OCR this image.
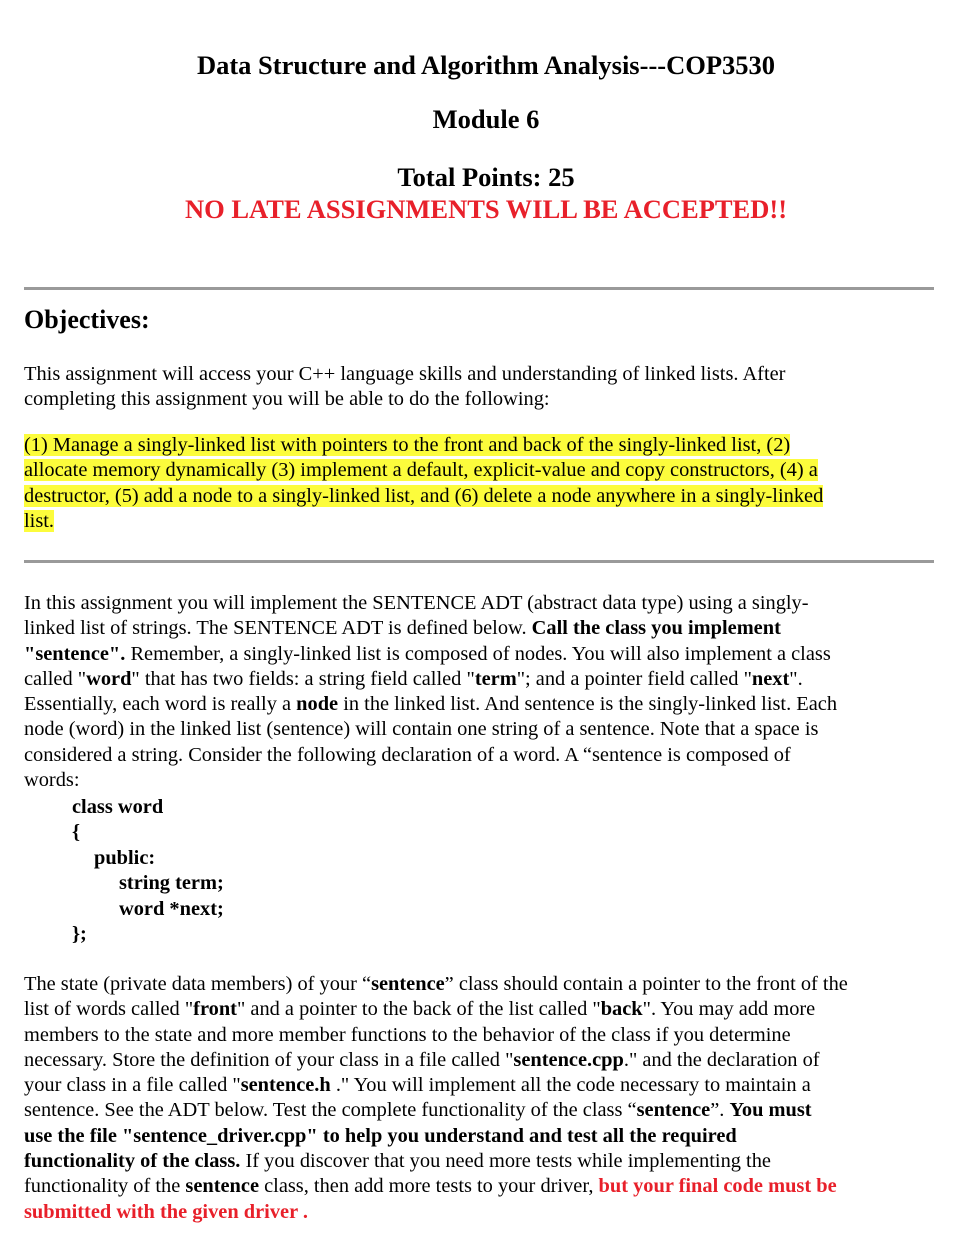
Data Structure and Algorithm Analysis---COP3530
Module 6
Total Points: 25
NO LATE ASSIGNMENTS WILL BE ACCEPTED!!
Objectives:
This assignment will access your C++ language skills and understanding of linked lists. After
completing this assignment you will be able to do the following:
(1) Manage a singly-linked list with pointers to the front and back of the singly-linked list, (2)
allocate memory dynamically (3) implement a default, explicit-value and copy constructors, (4) a
destructor, (5) add a node to a singly-linked list, and (6) delete a node anywhere in a singly-linked
list.
In this assignment you will implement the SENTENCE ADT (abstract data type) using a singly-
linked list of strings. The SENTENCE ADT is defined below. Call the class you implement
"sentence". Remember, a singly-linked list is composed of nodes. You will also implement a class
called "word" that has two fields: a string field called "term"; and a pointer field called "next".
Essentially, each word is really a node in the linked list. And sentence is the singly-linked list. Each
node (word) in the linked list (sentence) will contain one string of a sentence. Note that a space is
considered a string. Consider the following declaration of a word. A “sentence is composed of
words:
class word
{
public:
string term;
word *next;
};
The state (private data members) of your “sentence” class should contain a pointer to the front of the
list of words called "front" and a pointer to the back of the list called "back". You may add more
members to the state and more member functions to the behavior of the class if you determine
necessary. Store the definition of your class in a file called "sentence.cpp." and the declaration of
your class in a file called "sentence.h ." You will implement all the code necessary to maintain a
sentence. See the ADT below. Test the complete functionality of the class “sentence”. You must
use the file "sentence_driver.cpp" to help you understand and test all the required
functionality of the class. If you discover that you need more tests while implementing the
functionality of the sentence class, then add more tests to your driver, but your final code must be
submitted with the given driver .
